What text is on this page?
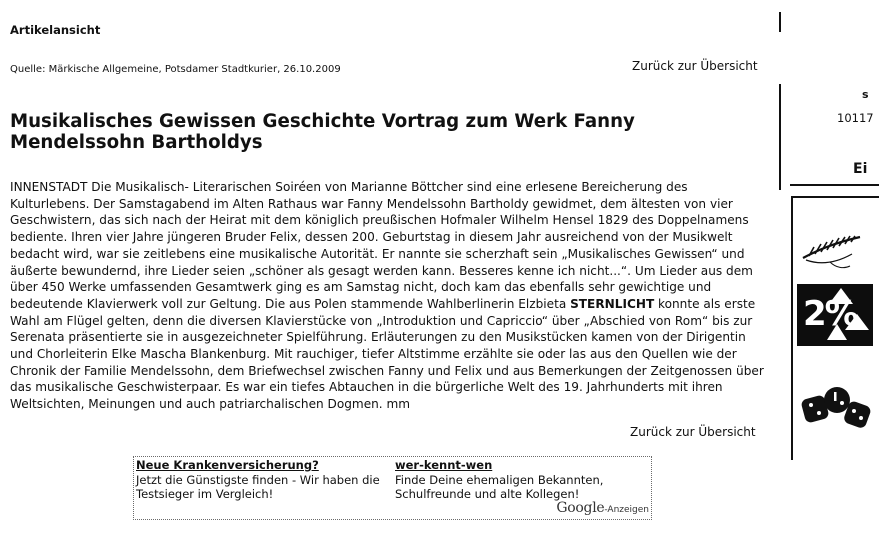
Artikelansicht
Quelle: Märkische Allgemeine, Potsdamer Stadtkurier, 26.10.2009	Zurück zur Übersicht
Musikalisches Gewissen Geschichte Vortrag zum Werk Fanny
Mendelssohn Bartholdys
INNENSTADT Die Musikalisch- Literarischen Soiréen von Marianne Böttcher sind eine erlesene Bereicherung des
Kulturlebens. Der Samstagabend im Alten Rathaus war Fanny Mendelssohn Bartholdy gewidmet, dem ältesten von vier
Geschwistern, das sich nach der Heirat mit dem königlich preußischen Hofmaler Wilhelm Hensel 1829 des Doppelnamens
bediente. Ihren vier Jahre jüngeren Bruder Felix, dessen 200. Geburtstag in diesem Jahr ausreichend von der Musikwelt
bedacht wird, war sie zeitlebens eine musikalische Autorität. Er nannte sie scherzhaft sein „Musikalisches Gewissen“ und
äußerte bewundernd, ihre Lieder seien „schöner als gesagt werden kann. Besseres kenne ich nicht...“. Um Lieder aus dem
über 450 Werke umfassenden Gesamtwerk ging es am Samstag nicht, doch kam das ebenfalls sehr gewichtige und
bedeutende Klavierwerk voll zur Geltung. Die aus Polen stammende Wahlberlinerin Elzbieta STERNLICHT konnte als erste
Wahl am Flügel gelten, denn die diversen Klavierstücke von „Introduktion und Capriccio“ über „Abschied von Rom“ bis zur
Serenata präsentierte sie in ausgezeichneter Spielführung. Erläuterungen zu den Musikstücken kamen von der Dirigentin
und Chorleiterin Elke Mascha Blankenburg. Mit rauchiger, tiefer Altstimme erzählte sie oder las aus den Quellen wie der
Chronik der Familie Mendelssohn, dem Briefwechsel zwischen Fanny und Felix und aus Bemerkungen der Zeitgenossen über
das musikalische Geschwisterpaar. Es war ein tiefes Abtauchen in die bürgerliche Welt des 19. Jahrhunderts mit ihren
Weltsichten, Meinungen und auch patriarchalischen Dogmen. mm
Zurück zur Übersicht
Neue Krankenversicherung?
Jetzt die Günstigste finden - Wir haben die
Testsieger im Vergleich!
wer-kennt-wen
Finde Deine ehemaligen Bekannten,
Schulfreunde und alte Kollegen!
Google-Anzeigen
s
10117
Ei
2%
